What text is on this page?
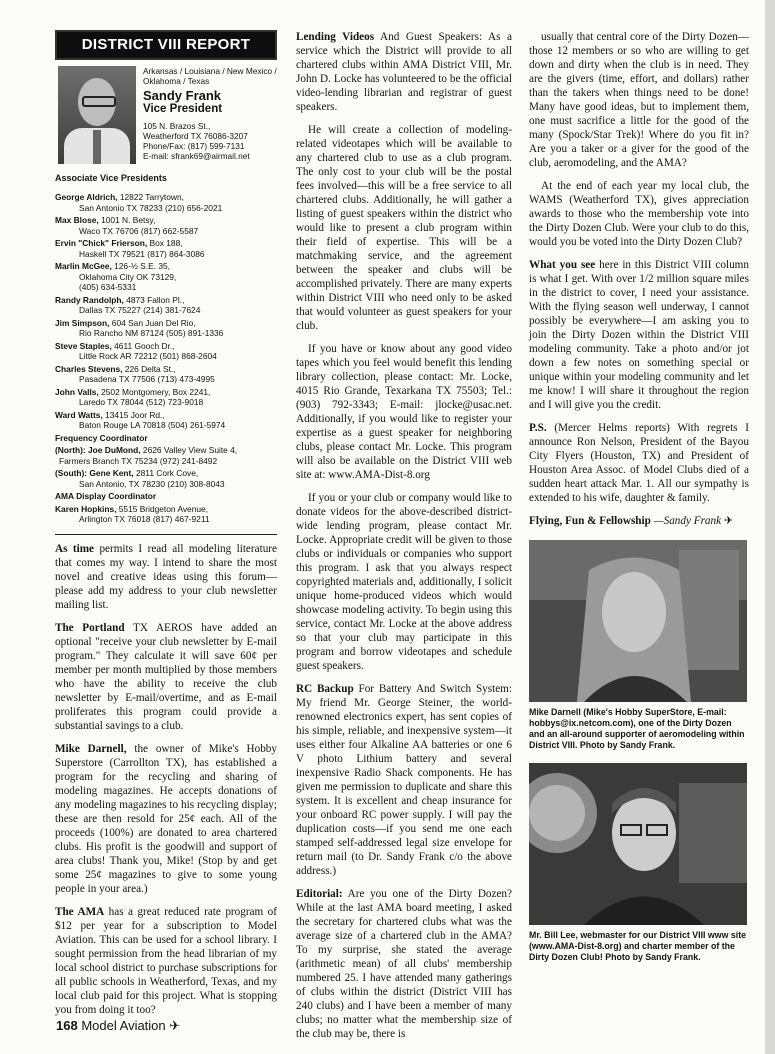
DISTRICT VIII REPORT
Arkansas / Louisiana / New Mexico / Oklahoma / Texas
Sandy Frank
Vice President
105 N. Brazos St.,
Weatherford TX 76086-3207
Phone/Fax: (817) 599-7131
E-mail: sfrank69@airmail.net
Associate Vice Presidents
George Aldrich, 12822 Tarrytown,
San Antonio TX 78233 (210) 656-2021
Max Blose, 1001 N. Betsy,
Waco TX 76706 (817) 662-5587
Ervin "Chick" Frierson, Box 188,
Haskell TX 79521 (817) 864-3086
Marlin McGee, 126-½ S.E. 35,
Oklahoma City OK 73129,
(405) 634-5331
Randy Randolph, 4873 Fallon Pl.,
Dallas TX 75227 (214) 381-7624
Jim Simpson, 604 San Juan Del Rio,
Rio Rancho NM 87124 (505) 891-1336
Steve Staples, 4611 Gooch Dr.,
Little Rock AR 72212 (501) 868-2604
Charles Stevens, 226 Delta St.,
Pasadena TX 77506 (713) 473-4995
John Valls, 2502 Montgomery, Box 2241,
Laredo TX 78044 (512) 723-9018
Ward Watts, 13415 Joor Rd.,
Baton Rouge LA 70818 (504) 261-5974
Frequency Coordinator
(North): Joe DuMond, 2626 Valley View Suite 4,
Farmers Branch TX 75234 (972) 241-8492
(South): Gene Kent, 2811 Cork Cove,
San Antonio, TX 78230 (210) 308-8043
AMA Display Coordinator
Karen Hopkins, 5515 Bridgeton Avenue,
Arlington TX 76018 (817) 467-9211

As time permits I read all modeling literature that comes my way. I intend to share the most novel and creative ideas using this forum—please add my address to your club newsletter mailing list.

The Portland TX AEROS have added an optional "receive your club newsletter by E-mail program." They calculate it will save 60¢ per member per month multiplied by those members who have the ability to receive the club newsletter by E-mail/overtime, and as E-mail proliferates this program could provide a substantial savings to a club.

Mike Darnell, the owner of Mike's Hobby Superstore (Carrollton TX), has established a program for the recycling and sharing of modeling magazines. He accepts donations of any modeling magazines to his recycling display; these are then resold for 25¢ each. All of the proceeds (100%) are donated to area chartered clubs. His profit is the goodwill and support of area clubs! Thank you, Mike! (Stop by and get some 25¢ magazines to give to some young people in your area.)

The AMA has a great reduced rate program of $12 per year for a subscription to Model Aviation. This can be used for a school library. I sought permission from the head librarian of my local school district to purchase subscriptions for all public schools in Weatherford, Texas, and my local club paid for this project. What is stopping you from doing it too?

Lending Videos And Guest Speakers: As a service which the District will provide to all chartered clubs within AMA District VIII, Mr. John D. Locke has volunteered to be the official video-lending librarian and registrar of guest speakers.

He will create a collection of modeling-related videotapes which will be available to any chartered club to use as a club program. The only cost to your club will be the postal fees involved—this will be a free service to all chartered clubs. Additionally, he will gather a listing of guest speakers within the district who would like to present a club program within their field of expertise. This will be a matchmaking service, and the agreement between the speaker and clubs will be accomplished privately. There are many experts within District VIII who need only to be asked that would volunteer as guest speakers for your club.

If you have or know about any good video tapes which you feel would benefit this lending library collection, please contact: Mr. Locke, 4015 Rio Grande, Texarkana TX 75503; Tel.: (903) 792-3343; E-mail: jlocke@usac.net. Additionally, if you would like to register your expertise as a guest speaker for neighboring clubs, please contact Mr. Locke. This program will also be available on the District VIII web site at: www.AMA-Dist-8.org

If you or your club or company would like to donate videos for the above-described district-wide lending program, please contact Mr. Locke. Appropriate credit will be given to those clubs or individuals or companies who support this program. I ask that you always respect copyrighted materials and, additionally, I solicit unique home-produced videos which would showcase modeling activity. To begin using this service, contact Mr. Locke at the above address so that your club may participate in this program and borrow videotapes and schedule guest speakers.

RC Backup For Battery And Switch System: My friend Mr. George Steiner, the world-renowned electronics expert, has sent copies of his simple, reliable, and inexpensive system—it uses either four Alkaline AA batteries or one 6 V photo Lithium battery and several inexpensive Radio Shack components. He has given me permission to duplicate and share this system. It is excellent and cheap insurance for your onboard RC power supply. I will pay the duplication costs—if you send me one each stamped self-addressed legal size envelope for return mail (to Dr. Sandy Frank c/o the above address.)

Editorial: Are you one of the Dirty Dozen? While at the last AMA board meeting, I asked the secretary for chartered clubs what was the average size of a chartered club in the AMA? To my surprise, she stated the average (arithmetic mean) of all clubs' membership numbered 25. I have attended many gatherings of clubs within the district (District VIII has 240 clubs) and I have been a member of many clubs; no matter what the membership size of the club may be, there is

usually that central core of the Dirty Dozen—those 12 members or so who are willing to get down and dirty when the club is in need. They are the givers (time, effort, and dollars) rather than the takers when things need to be done! Many have good ideas, but to implement them, one must sacrifice a little for the good of the many (Spock/Star Trek)! Where do you fit in? Are you a taker or a giver for the good of the club, aeromodeling, and the AMA?

At the end of each year my local club, the WAMS (Weatherford TX), gives appreciation awards to those who the membership vote into the Dirty Dozen Club. Were your club to do this, would you be voted into the Dirty Dozen Club?

What you see here in this District VIII column is what I get. With over 1/2 million square miles in the district to cover, I need your assistance. With the flying season well underway, I cannot possibly be everywhere—I am asking you to join the Dirty Dozen within the District VIII modeling community. Take a photo and/or jot down a few notes on something special or unique within your modeling community and let me know! I will share it throughout the region and I will give you the credit.

P.S. (Mercer Helms reports) With regrets I announce Ron Nelson, President of the Bayou City Flyers (Houston, TX) and President of Houston Area Assoc. of Model Clubs died of a sudden heart attack Mar. 1. All our sympathy is extended to his wife, daughter & family.

Flying, Fun & Fellowship —Sandy Frank ✈

Mike Darnell (Mike's Hobby SuperStore, E-mail: hobbys@ix.netcom.com), one of the Dirty Dozen and an all-around supporter of aeromodeling within District VIII. Photo by Sandy Frank.
Mr. Bill Lee, webmaster for our District VIII www site (www.AMA-Dist-8.org) and charter member of the Dirty Dozen Club! Photo by Sandy Frank.
168 Model Aviation ✈
